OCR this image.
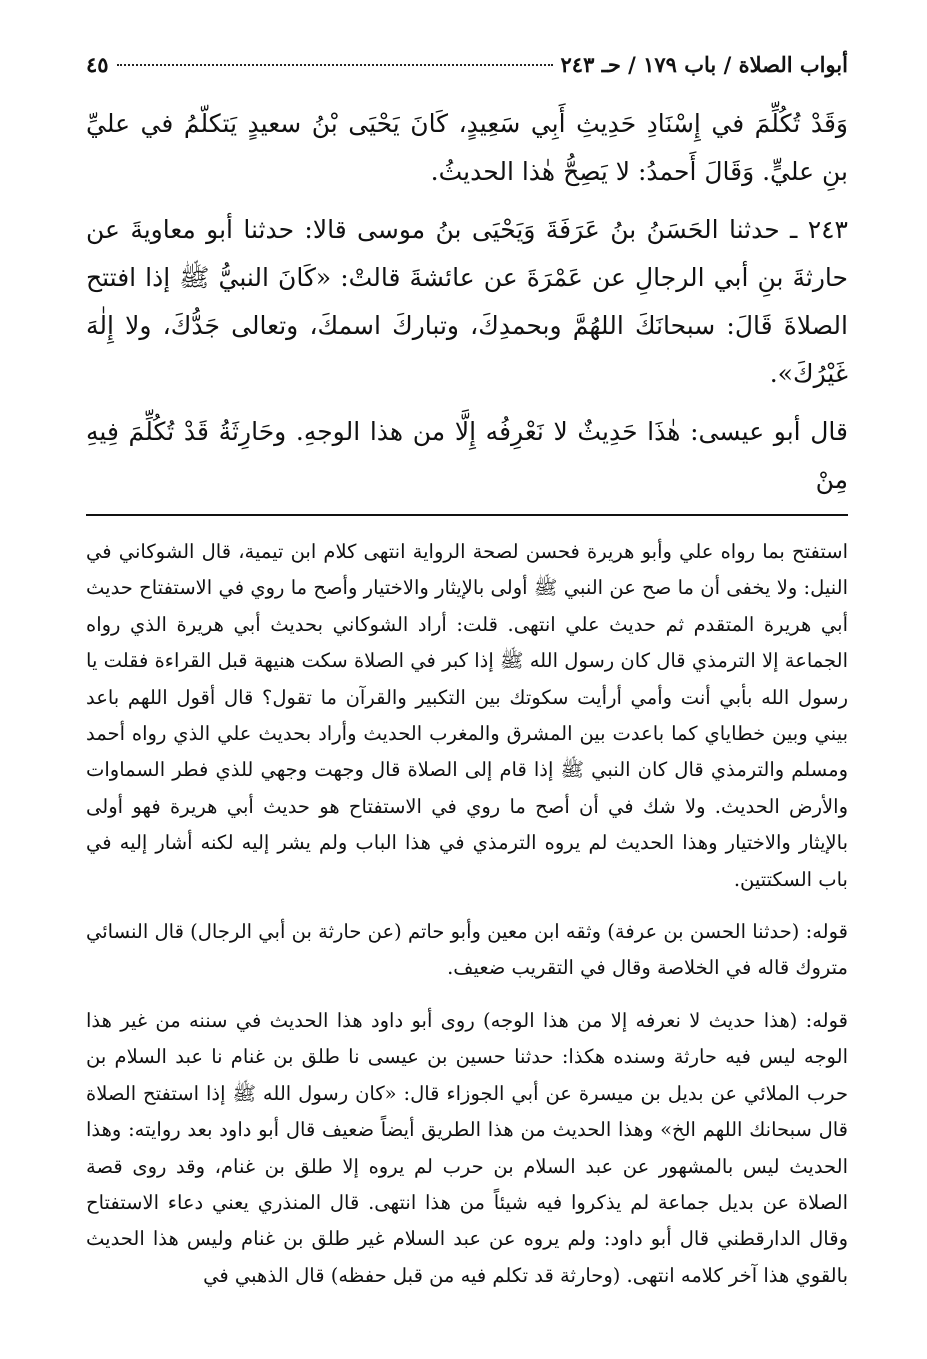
أبواب الصلاة / باب ١٧٩ / حـ ٢٤٣
٤٥

وَقَدْ تُكُلِّمَ في إِسْنَادِ حَدِيثِ أَبِي سَعِيدٍ، كَانَ يَحْيَى بْنُ سعيدٍ يَتكلّمُ في عليِّ بنِ عليٍّ. وَقَالَ أَحمدُ: لا يَصِحُّ هٰذا الحديثُ.

٢٤٣ ـ حدثنا الحَسَنُ بنُ عَرَفَةَ وَيَحْيَى بنُ موسى قالا: حدثنا أبو معاويةَ عن حارثةَ بنِ أبي الرجالِ عن عَمْرَةَ عن عائشةَ قالتْ: «كَانَ النبيُّ ﷺ إذا افتتح الصلاةَ قَالَ: سبحانَكَ اللهُمَّ وبحمدِكَ، وتباركَ اسمكَ، وتعالى جَدُّكَ، ولا إِلٰهَ غَيْرُكَ».

قال أبو عيسى: هٰذَا حَدِيثٌ لا نَعْرِفُه إِلَّا من هذا الوجهِ. وحَارِثَةُ قَدْ تُكُلِّمَ فِيهِ مِنْ

استفتح بما رواه علي وأبو هريرة فحسن لصحة الرواية انتهى كلام ابن تيمية، قال الشوكاني في النيل: ولا يخفى أن ما صح عن النبي ﷺ أولى بالإيثار والاختيار وأصح ما روي في الاستفتاح حديث أبي هريرة المتقدم ثم حديث علي انتهى. قلت: أراد الشوكاني بحديث أبي هريرة الذي رواه الجماعة إلا الترمذي قال كان رسول الله ﷺ إذا كبر في الصلاة سكت هنيهة قبل القراءة فقلت يا رسول الله بأبي أنت وأمي أرأيت سكوتك بين التكبير والقرآن ما تقول؟ قال أقول اللهم باعد بيني وبين خطاياي كما باعدت بين المشرق والمغرب الحديث وأراد بحديث علي الذي رواه أحمد ومسلم والترمذي قال كان النبي ﷺ إذا قام إلى الصلاة قال وجهت وجهي للذي فطر السماوات والأرض الحديث. ولا شك في أن أصح ما روي في الاستفتاح هو حديث أبي هريرة فهو أولى بالإيثار والاختيار وهذا الحديث لم يروه الترمذي في هذا الباب ولم يشر إليه لكنه أشار إليه في باب السكتتين.

قوله: (حدثنا الحسن بن عرفة) وثقه ابن معين وأبو حاتم (عن حارثة بن أبي الرجال) قال النسائي متروك قاله في الخلاصة وقال في التقريب ضعيف.

قوله: (هذا حديث لا نعرفه إلا من هذا الوجه) روى أبو داود هذا الحديث في سننه من غير هذا الوجه ليس فيه حارثة وسنده هكذا: حدثنا حسين بن عيسى نا طلق بن غنام نا عبد السلام بن حرب الملائي عن بديل بن ميسرة عن أبي الجوزاء قال: «كان رسول الله ﷺ إذا استفتح الصلاة قال سبحانك اللهم الخ» وهذا الحديث من هذا الطريق أيضاً ضعيف قال أبو داود بعد روايته: وهذا الحديث ليس بالمشهور عن عبد السلام بن حرب لم يروه إلا طلق بن غنام، وقد روى قصة الصلاة عن بديل جماعة لم يذكروا فيه شيئاً من هذا انتهى. قال المنذري يعني دعاء الاستفتاح وقال الدارقطني قال أبو داود: ولم يروه عن عبد السلام غير طلق بن غنام وليس هذا الحديث بالقوي هذا آخر كلامه انتهى. (وحارثة قد تكلم فيه من قبل حفظه) قال الذهبي في
